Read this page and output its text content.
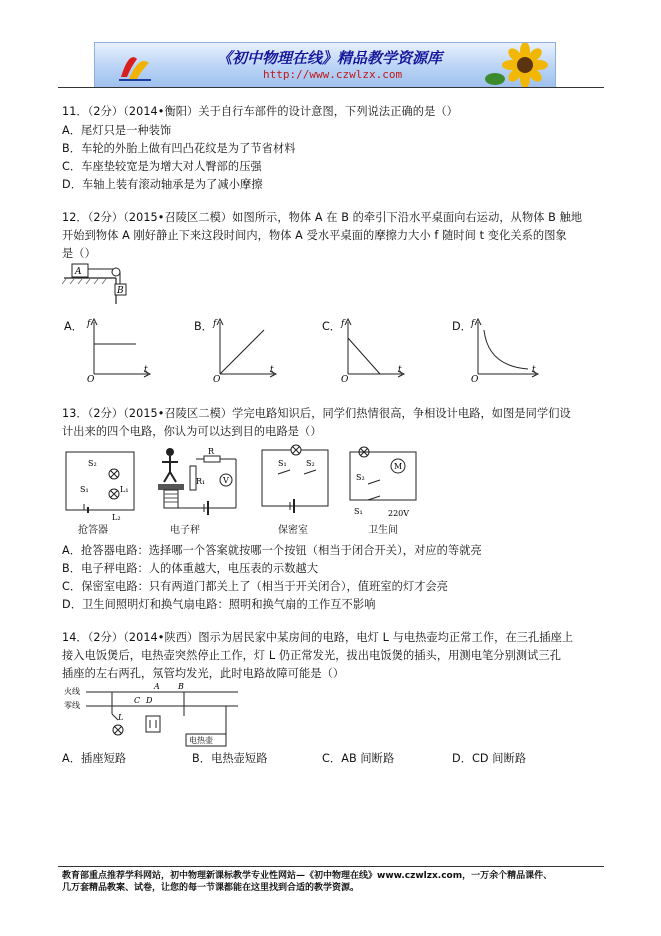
《初中物理在线》精品教学资源库
http://www.czwlzx.com
11．（2分）（2014•衡阳）关于自行车部件的设计意图，下列说法正确的是（）
A．尾灯只是一种装饰
B．车轮的外胎上做有凹凸花纹是为了节省材料
C．车座垫较宽是为增大对人臀部的压强
D．车轴上装有滚动轴承是为了减小摩擦
12．（2分）（2015•召陵区二模）如图所示，物体 A 在 B 的牵引下沿水平桌面向右运动，从物体 B 触地
开始到物体 A 刚好静止下来这段时间内，物体 A 受水平桌面的摩擦力大小 f 随时间 t 变化关系的图象
是（）
A
B
A．	B．	C．	D．
f
t
O
f
t
O
f
t
O
f
t
O
13．（2分）（2015•召陵区二模）学完电路知识后，同学们热情很高，争相设计电路，如图是同学们设
计出来的四个电路，你认为可以达到目的电路是（）
S₂
L₁
S₁
L₂
抢答器
R₁
R
V
电子秤
S₁ S₂
保密室
M
S₂
S₁	220V
卫生间
A．抢答器电路：选择哪一个答案就按哪一个按钮（相当于闭合开关），对应的等就亮
B．电子秤电路：人的体重越大，电压表的示数越大
C．保密室电路：只有两道门都关上了（相当于开关闭合），值班室的灯才会亮
D．卫生间照明灯和换气扇电路：照明和换气扇的工作互不影响
14．（2分）（2014•陕西）图示为居民家中某房间的电路，电灯 L 与电热壶均正常工作，在三孔插座上
接入电饭煲后，电热壶突然停止工作，灯 L 仍正常发光，拔出电饭煲的插头，用测电笔分别测试三孔
插座的左右两孔，氖管均发光，此时电路故障可能是（）
火线
零线
A B
C D
L
电热壶
A．插座短路	B．电热壶短路	C．AB 间断路	D．CD 间断路
教育部重点推荐学科网站，初中物理新课标教学专业性网站—《初中物理在线》www.czwlzx.com，一万余个精品课件、
几万套精品教案、试卷，让您的每一节课都能在这里找到合适的教学资源。
